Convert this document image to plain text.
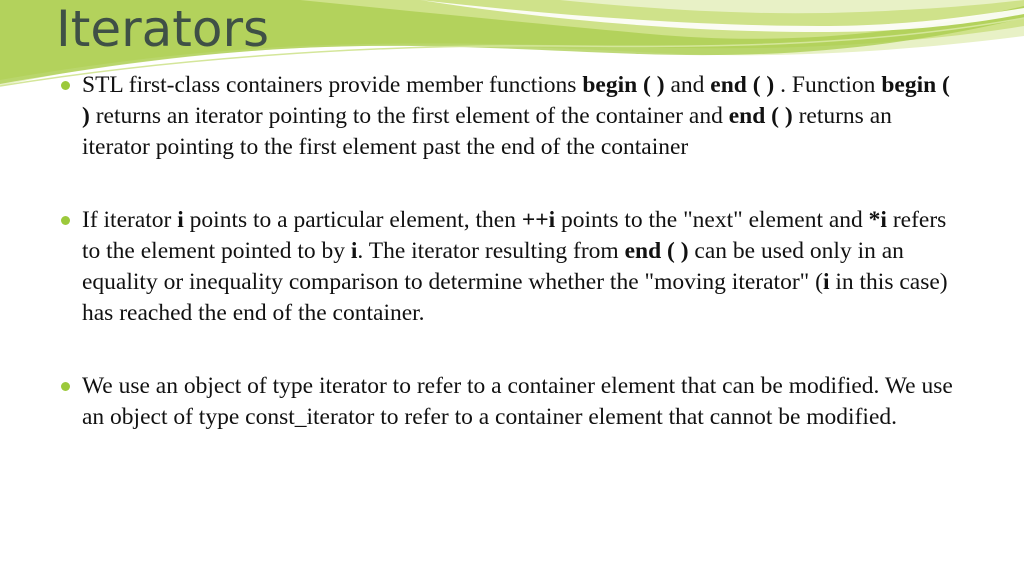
Iterators
STL first-class containers provide member functions begin ( ) and end ( ) . Function begin ( ) returns an iterator pointing to the first element of the container and end ( ) returns an iterator pointing to the first element past the end of the container
If iterator i points to a particular element, then ++i points to the "next" element and *i refers to the element pointed to by i. The iterator resulting from end ( ) can be used only in an equality or inequality comparison to determine whether the "moving iterator" (i in this case) has reached the end of the container.
We use an object of type iterator to refer to a container element that can be modified. We use an object of type const_iterator to refer to a container element that cannot be modified.
